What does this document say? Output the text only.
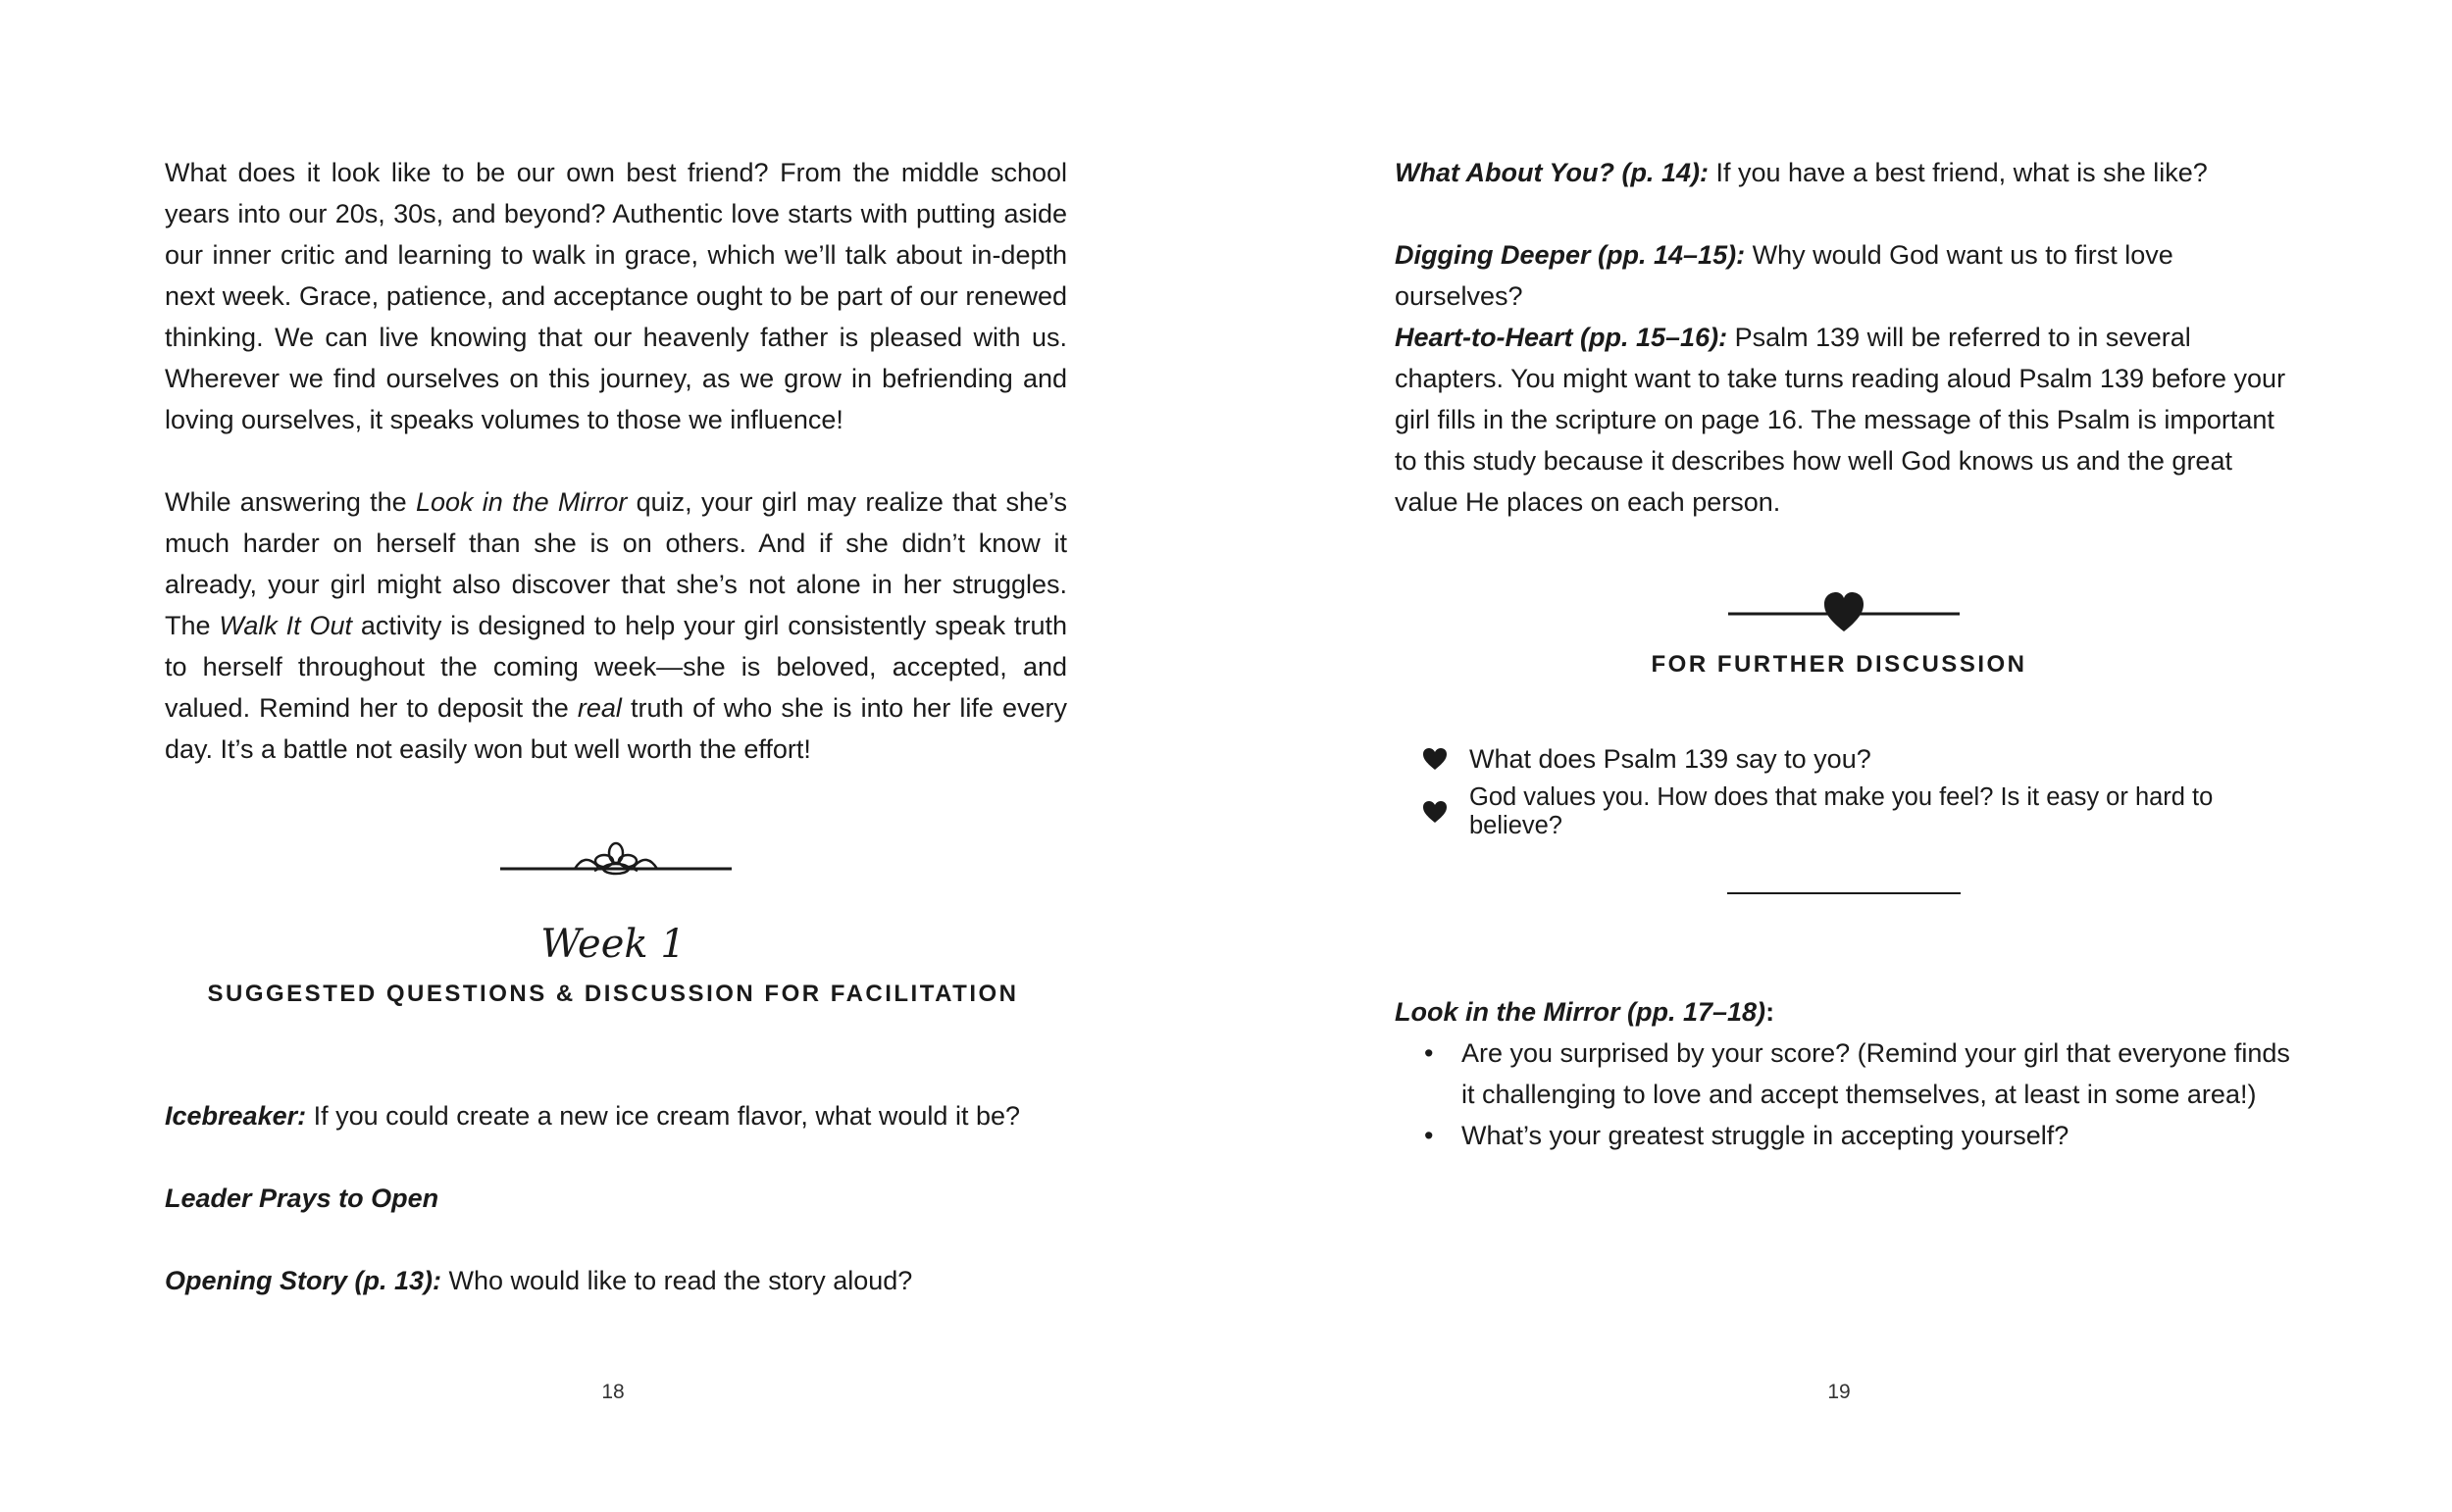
What does it look like to be our own best friend? From the middle school years into our 20s, 30s, and beyond? Authentic love starts with putting aside our inner critic and learning to walk in grace, which we’ll talk about in-depth next week. Grace, patience, and acceptance ought to be part of our renewed thinking. We can live knowing that our heavenly father is pleased with us. Wherever we find ourselves on this journey, as we grow in befriending and loving ourselves, it speaks volumes to those we influence!
While answering the Look in the Mirror quiz, your girl may realize that she’s much harder on herself than she is on others. And if she didn’t know it already, your girl might also discover that she’s not alone in her struggles. The Walk It Out activity is designed to help your girl consistently speak truth to herself throughout the coming week—she is beloved, accepted, and valued. Remind her to deposit the real truth of who she is into her life every day. It’s a battle not easily won but well worth the effort!
Week 1
SUGGESTED QUESTIONS & DISCUSSION FOR FACILITATION
Icebreaker: If you could create a new ice cream flavor, what would it be?
Leader Prays to Open
Opening Story (p. 13): Who would like to read the story aloud?
18
What About You? (p. 14): If you have a best friend, what is she like?
Digging Deeper (pp. 14–15): Why would God want us to first love ourselves?
Heart-to-Heart (pp. 15–16): Psalm 139 will be referred to in several chapters. You might want to take turns reading aloud Psalm 139 before your girl fills in the scripture on page 16. The message of this Psalm is important to this study because it describes how well God knows us and the great value He places on each person.
FOR FURTHER DISCUSSION
What does Psalm 139 say to you?
God values you. How does that make you feel? Is it easy or hard to believe?
Look in the Mirror (pp. 17–18):
• Are you surprised by your score? (Remind your girl that everyone finds it challenging to love and accept themselves, at least in some area!)
• What’s your greatest struggle in accepting yourself?
19
